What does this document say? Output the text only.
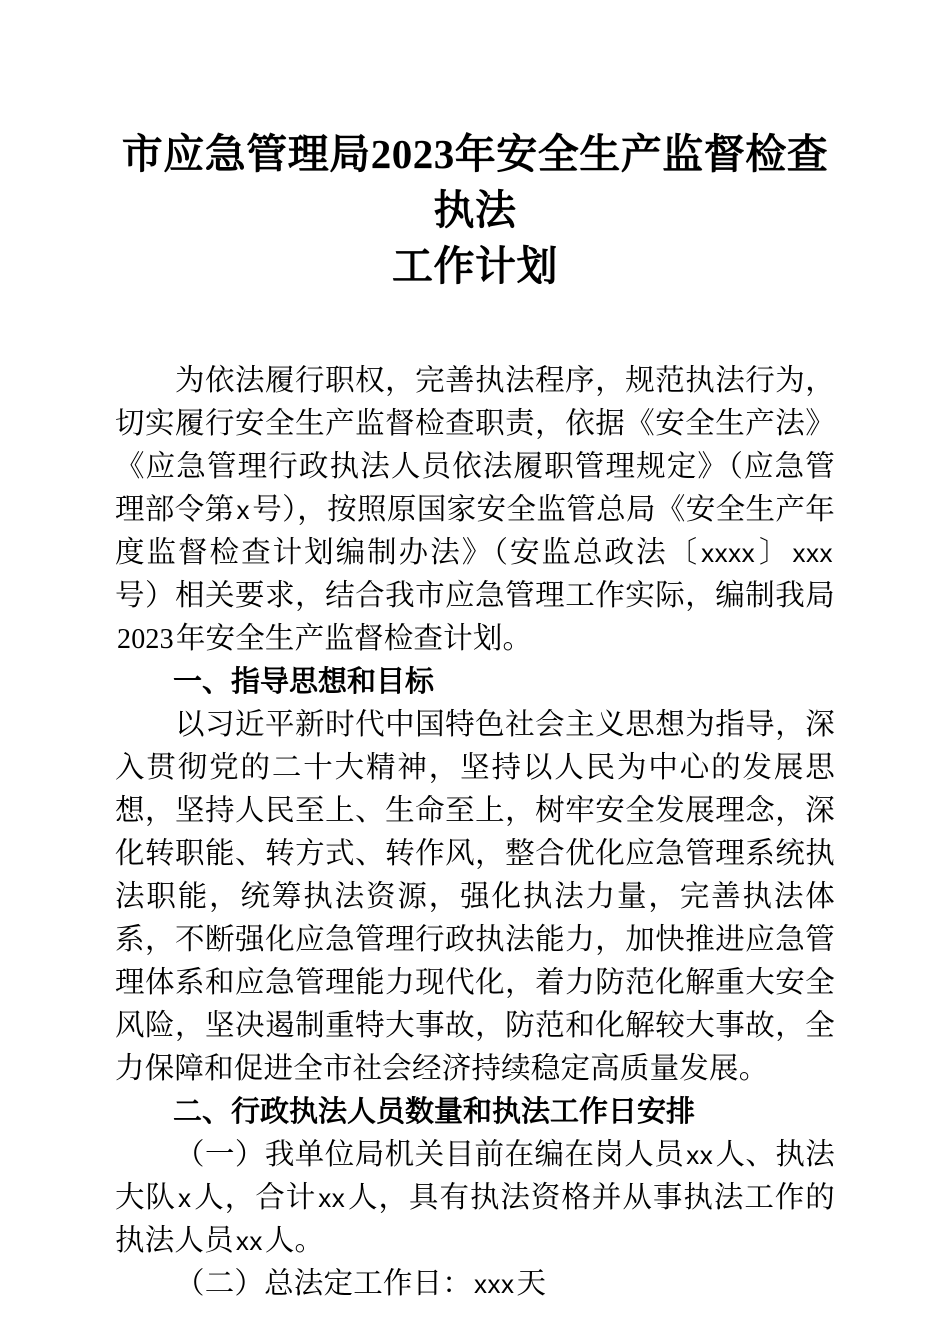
市应急管理局2023年安全生产监督检查执法
工作计划

为依法履行职权，完善执法程序，规范执法行为，切实履行安全生产监督检查职责，依据《安全生产法》《应急管理行政执法人员依法履职管理规定》（应急管理部令第x号），按照原国家安全监管总局《安全生产年度监督检查计划编制办法》（安监总政法〔xxxx〕xxx号）相关要求，结合我市应急管理工作实际，编制我局2023年安全生产监督检查计划。

一、指导思想和目标

以习近平新时代中国特色社会主义思想为指导，深入贯彻党的二十大精神，坚持以人民为中心的发展思想，坚持人民至上、生命至上，树牢安全发展理念，深化转职能、转方式、转作风，整合优化应急管理系统执法职能，统筹执法资源，强化执法力量，完善执法体系，不断强化应急管理行政执法能力，加快推进应急管理体系和应急管理能力现代化，着力防范化解重大安全风险，坚决遏制重特大事故，防范和化解较大事故，全力保障和促进全市社会经济持续稳定高质量发展。

二、行政执法人员数量和执法工作日安排

（一）我单位局机关目前在编在岗人员xx人、执法大队x人，合计xx人，具有执法资格并从事执法工作的执法人员xx人。

（二）总法定工作日：xxx天
